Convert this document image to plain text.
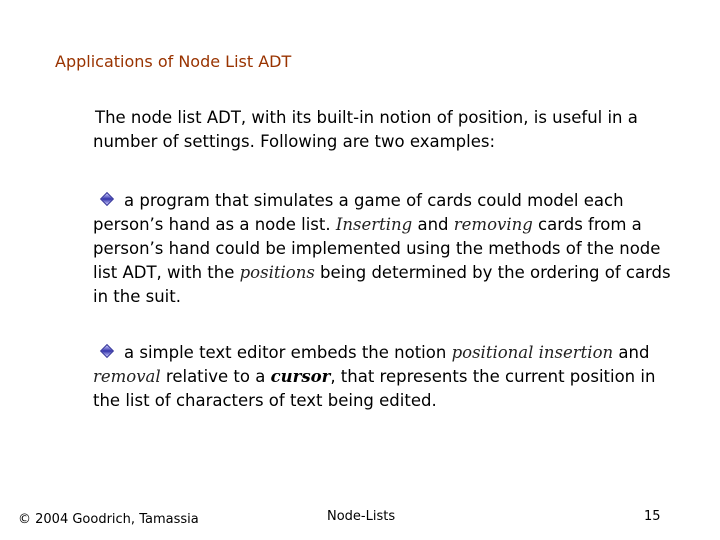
Applications of Node List ADT
The node list ADT, with its built-in notion of position, is useful in a number of settings. Following are two examples:
a program that simulates a game of cards could model each person’s hand as a node list. Inserting and removing cards from a person’s hand could be implemented using the methods of the node list ADT, with the positions being determined by the ordering of cards in the suit.
a simple text editor embeds the notion positional insertion and removal relative to a cursor, that represents the current position in the list of characters of text being edited.
© 2004 Goodrich, Tamassia	Node-Lists	15
